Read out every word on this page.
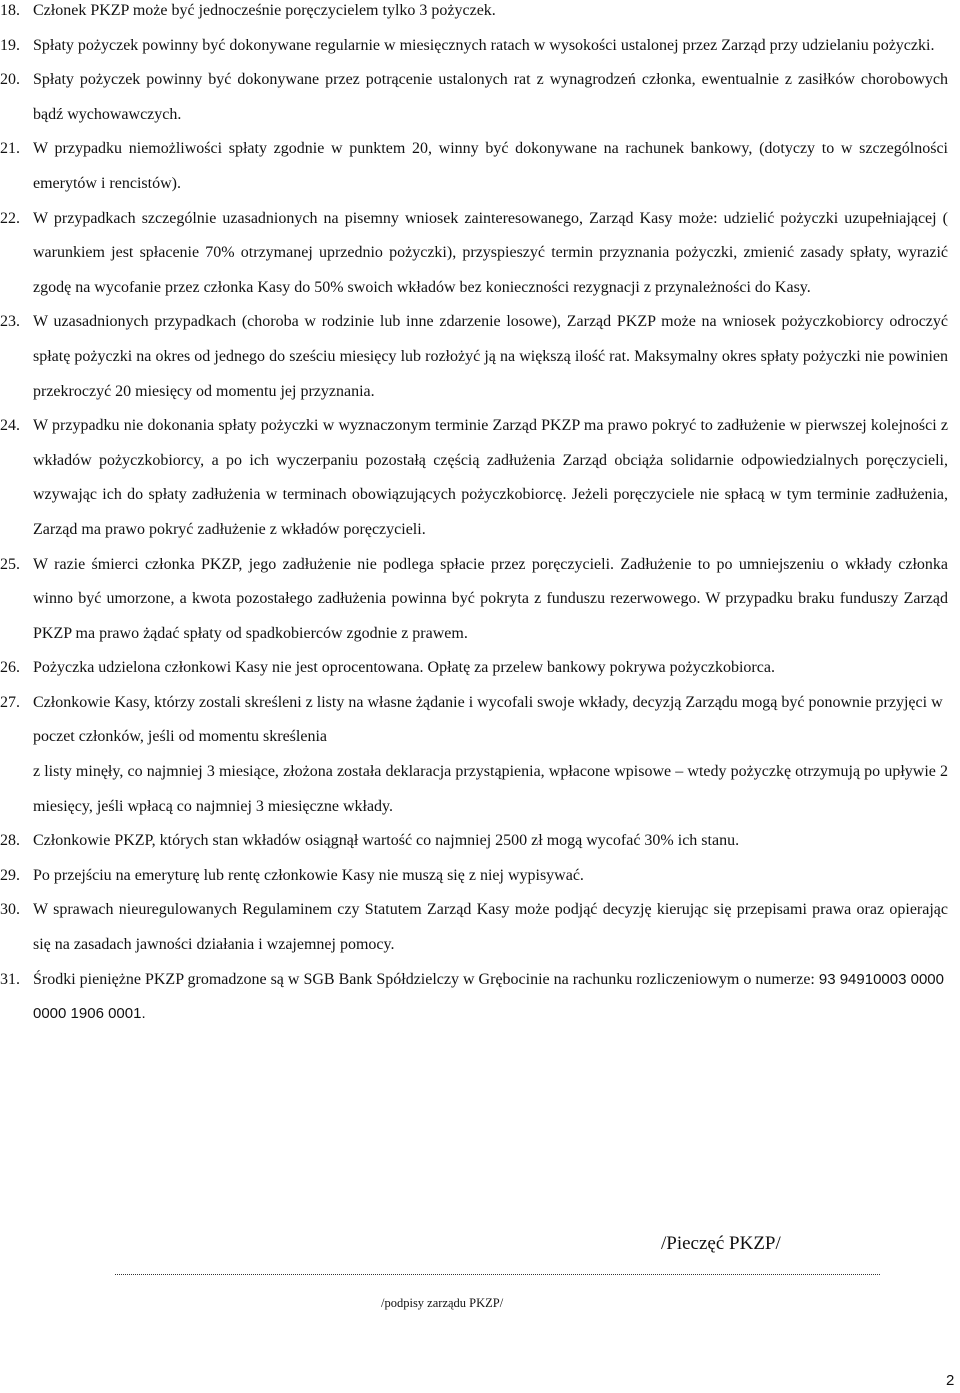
18. Członek PKZP może być jednocześnie poręczycielem tylko 3 pożyczek.
19. Spłaty pożyczek powinny być dokonywane regularnie w miesięcznych ratach w wysokości ustalonej przez Zarząd przy udzielaniu pożyczki.
20. Spłaty pożyczek powinny być dokonywane przez potrącenie ustalonych rat z wynagrodzeń członka, ewentualnie z zasiłków chorobowych bądź wychowawczych.
21. W przypadku niemożliwości spłaty zgodnie w punktem 20, winny być dokonywane na rachunek bankowy, (dotyczy to w szczególności emerytów i rencistów).
22. W przypadkach szczególnie uzasadnionych na pisemny wniosek zainteresowanego, Zarząd Kasy może: udzielić pożyczki uzupełniającej ( warunkiem jest spłacenie 70% otrzymanej uprzednio pożyczki), przyspieszyć termin przyznania pożyczki, zmienić zasady spłaty, wyrazić zgodę na wycofanie przez członka Kasy do 50% swoich wkładów bez konieczności rezygnacji z przynależności do Kasy.
23. W uzasadnionych przypadkach (choroba w rodzinie lub inne zdarzenie losowe), Zarząd PKZP może na wniosek pożyczkobiorcy odroczyć spłatę pożyczki na okres od jednego do sześciu miesięcy lub rozłożyć ją na większą ilość rat. Maksymalny okres spłaty pożyczki nie powinien przekroczyć 20 miesięcy od momentu jej przyznania.
24. W przypadku nie dokonania spłaty pożyczki w wyznaczonym terminie Zarząd PKZP ma prawo pokryć to zadłużenie w pierwszej kolejności z wkładów pożyczkobiorcy, a po ich wyczerpaniu pozostałą częścią zadłużenia Zarząd obciąża solidarnie odpowiedzialnych poręczycieli, wzywając ich do spłaty zadłużenia w terminach obowiązujących pożyczkobiorcę. Jeżeli poręczyciele nie spłacą w tym terminie zadłużenia, Zarząd ma prawo pokryć zadłużenie z wkładów poręczycieli.
25. W razie śmierci członka PKZP, jego zadłużenie nie podlega spłacie przez poręczycieli. Zadłużenie to po umniejszeniu o wkłady członka winno być umorzone, a kwota pozostałego zadłużenia powinna być pokryta z funduszu rezerwowego. W przypadku braku funduszy Zarząd PKZP ma prawo żądać spłaty od spadkobierców zgodnie z prawem.
26. Pożyczka udzielona członkowi Kasy nie jest oprocentowana. Opłatę za przelew bankowy pokrywa pożyczkobiorca.
27. Członkowie Kasy, którzy zostali skreśleni z listy na własne żądanie i wycofali swoje wkłady, decyzją Zarządu mogą być ponownie przyjęci w poczet członków, jeśli od momentu skreślenia
z listy minęły, co najmniej 3 miesiące, złożona została deklaracja przystąpienia, wpłacone wpisowe – wtedy pożyczkę otrzymują po upływie 2 miesięcy, jeśli wpłacą co najmniej 3 miesięczne wkłady.
28. Członkowie PKZP, których stan wkładów osiągnął wartość co najmniej 2500 zł mogą wycofać 30% ich stanu.
29. Po przejściu na emeryturę lub rentę członkowie Kasy nie muszą się z niej wypisywać.
30. W sprawach nieuregulowanych Regulaminem czy Statutem Zarząd Kasy może podjąć decyzję kierując się przepisami prawa oraz opierając się na zasadach jawności działania i wzajemnej pomocy.
31. Środki pieniężne PKZP gromadzone są w SGB Bank Spółdzielczy w Grębocinie na rachunku rozliczeniowym o numerze: 93 94910003 0000 0000 1906 0001.
/Pieczęć PKZP/
/podpisy zarządu PKZP/
2
